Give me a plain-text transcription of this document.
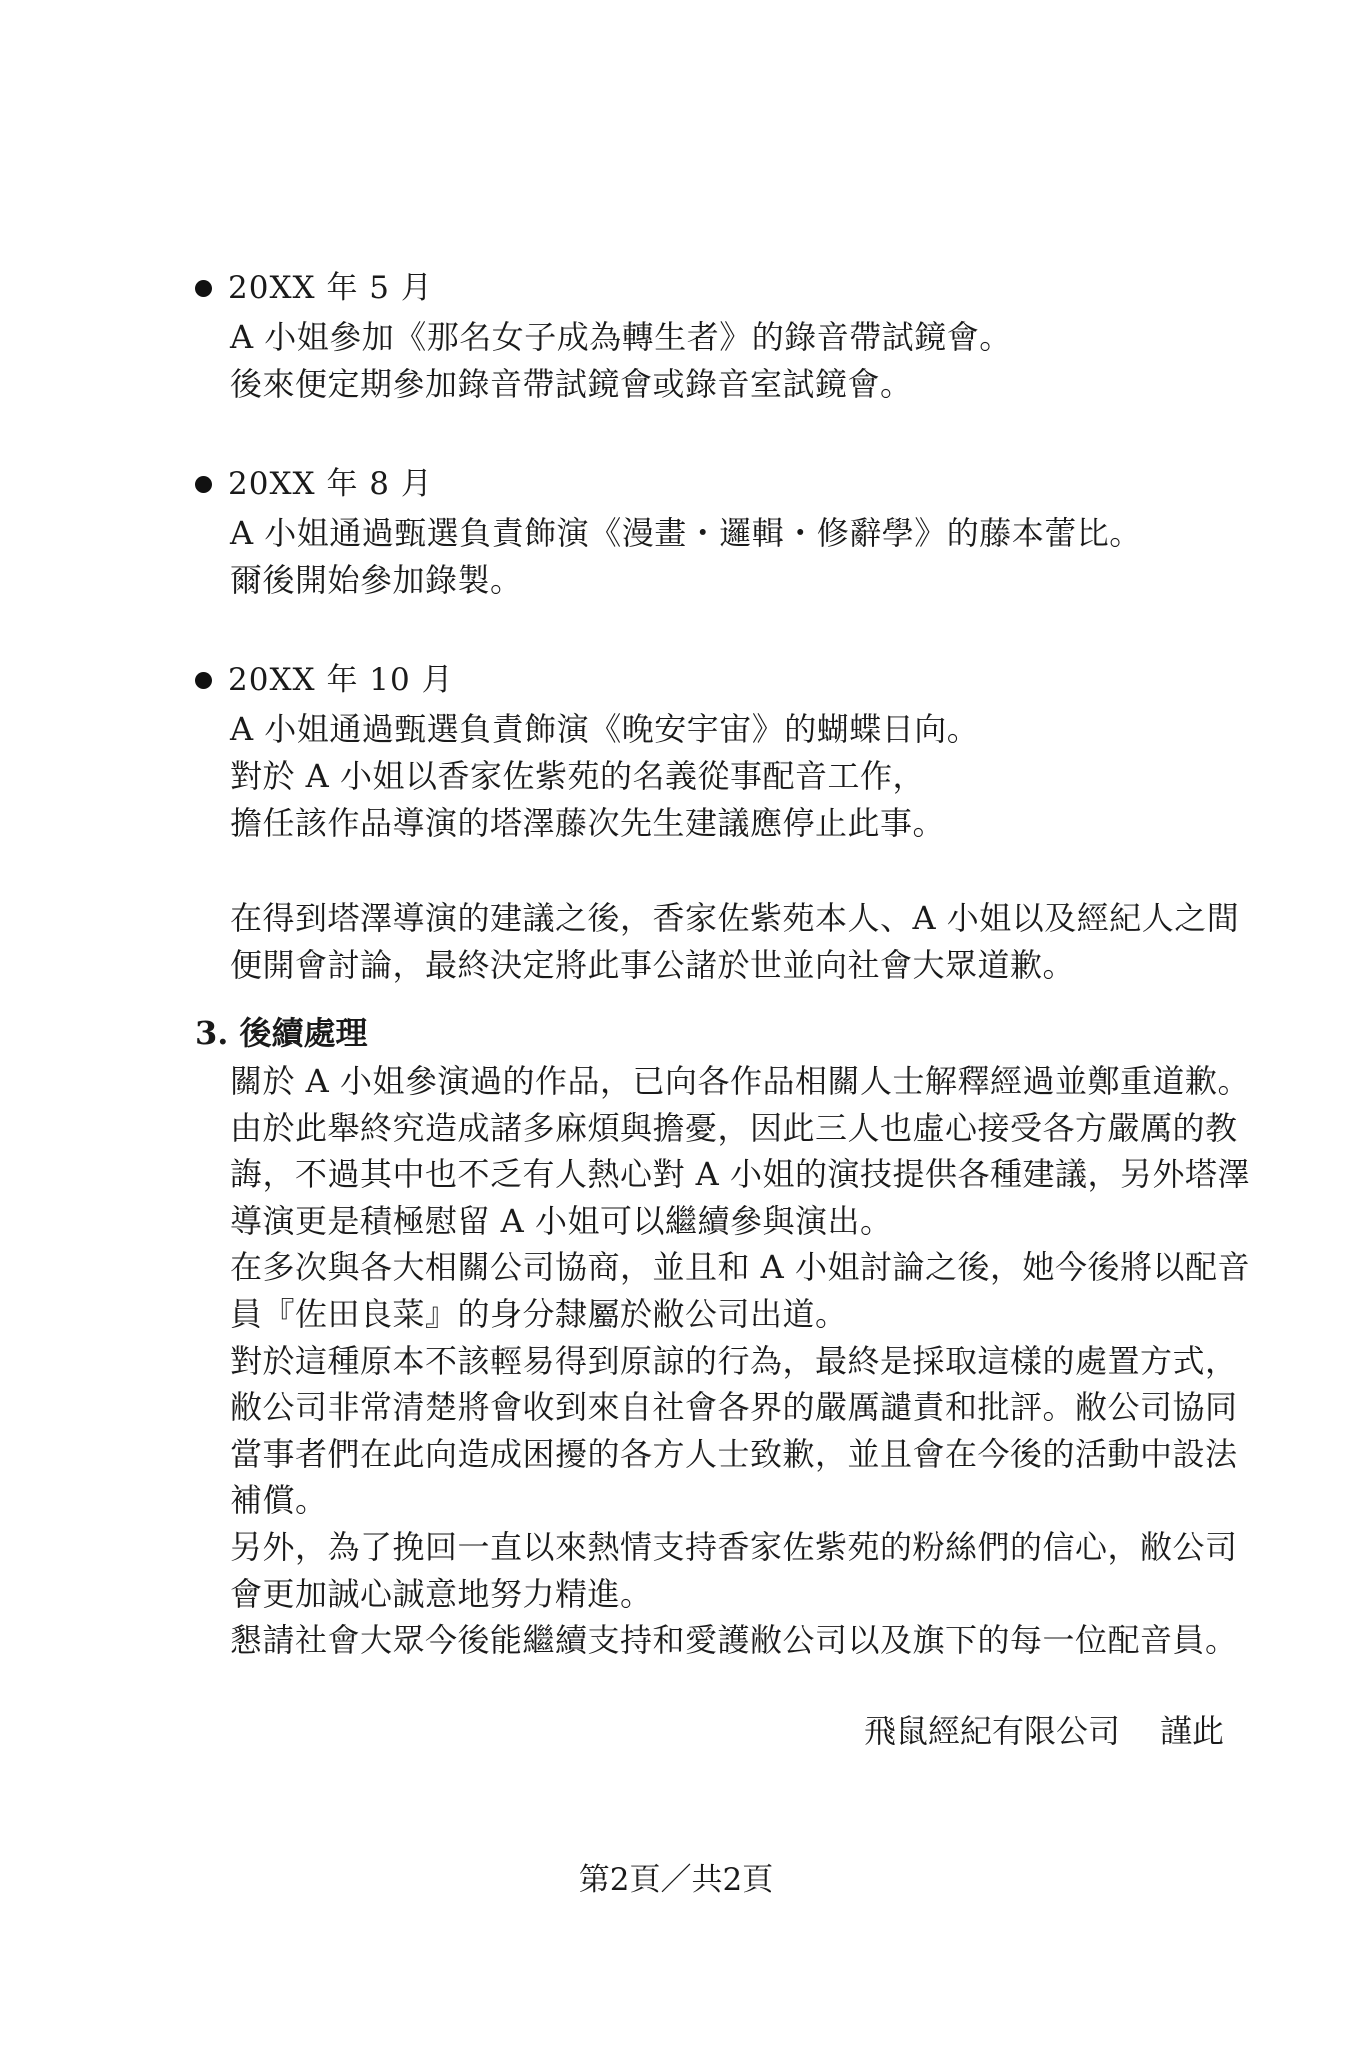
20XX 年 5 月
A 小姐參加《那名女子成為轉生者》的錄音帶試鏡會。
後來便定期參加錄音帶試鏡會或錄音室試鏡會。
20XX 年 8 月
A 小姐通過甄選負責飾演《漫畫・邏輯・修辭學》的藤本蕾比。
爾後開始參加錄製。
20XX 年 10 月
A 小姐通過甄選負責飾演《晚安宇宙》的蝴蝶日向。
對於 A 小姐以香家佐紫苑的名義從事配音工作，
擔任該作品導演的塔澤藤次先生建議應停止此事。
在得到塔澤導演的建議之後，香家佐紫苑本人、A 小姐以及經紀人之間
便開會討論，最終決定將此事公諸於世並向社會大眾道歉。
3. 後續處理
關於 A 小姐參演過的作品，已向各作品相關人士解釋經過並鄭重道歉。
由於此舉終究造成諸多麻煩與擔憂，因此三人也虛心接受各方嚴厲的教
誨，不過其中也不乏有人熱心對 A 小姐的演技提供各種建議，另外塔澤
導演更是積極慰留 A 小姐可以繼續參與演出。
在多次與各大相關公司協商，並且和 A 小姐討論之後，她今後將以配音
員『佐田良菜』的身分隸屬於敝公司出道。
對於這種原本不該輕易得到原諒的行為，最終是採取這樣的處置方式，
敝公司非常清楚將會收到來自社會各界的嚴厲譴責和批評。敝公司協同
當事者們在此向造成困擾的各方人士致歉，並且會在今後的活動中設法
補償。
另外，為了挽回一直以來熱情支持香家佐紫苑的粉絲們的信心，敝公司
會更加誠心誠意地努力精進。
懇請社會大眾今後能繼續支持和愛護敝公司以及旗下的每一位配音員。
飛鼠經紀有限公司 謹此
第2頁／共2頁
